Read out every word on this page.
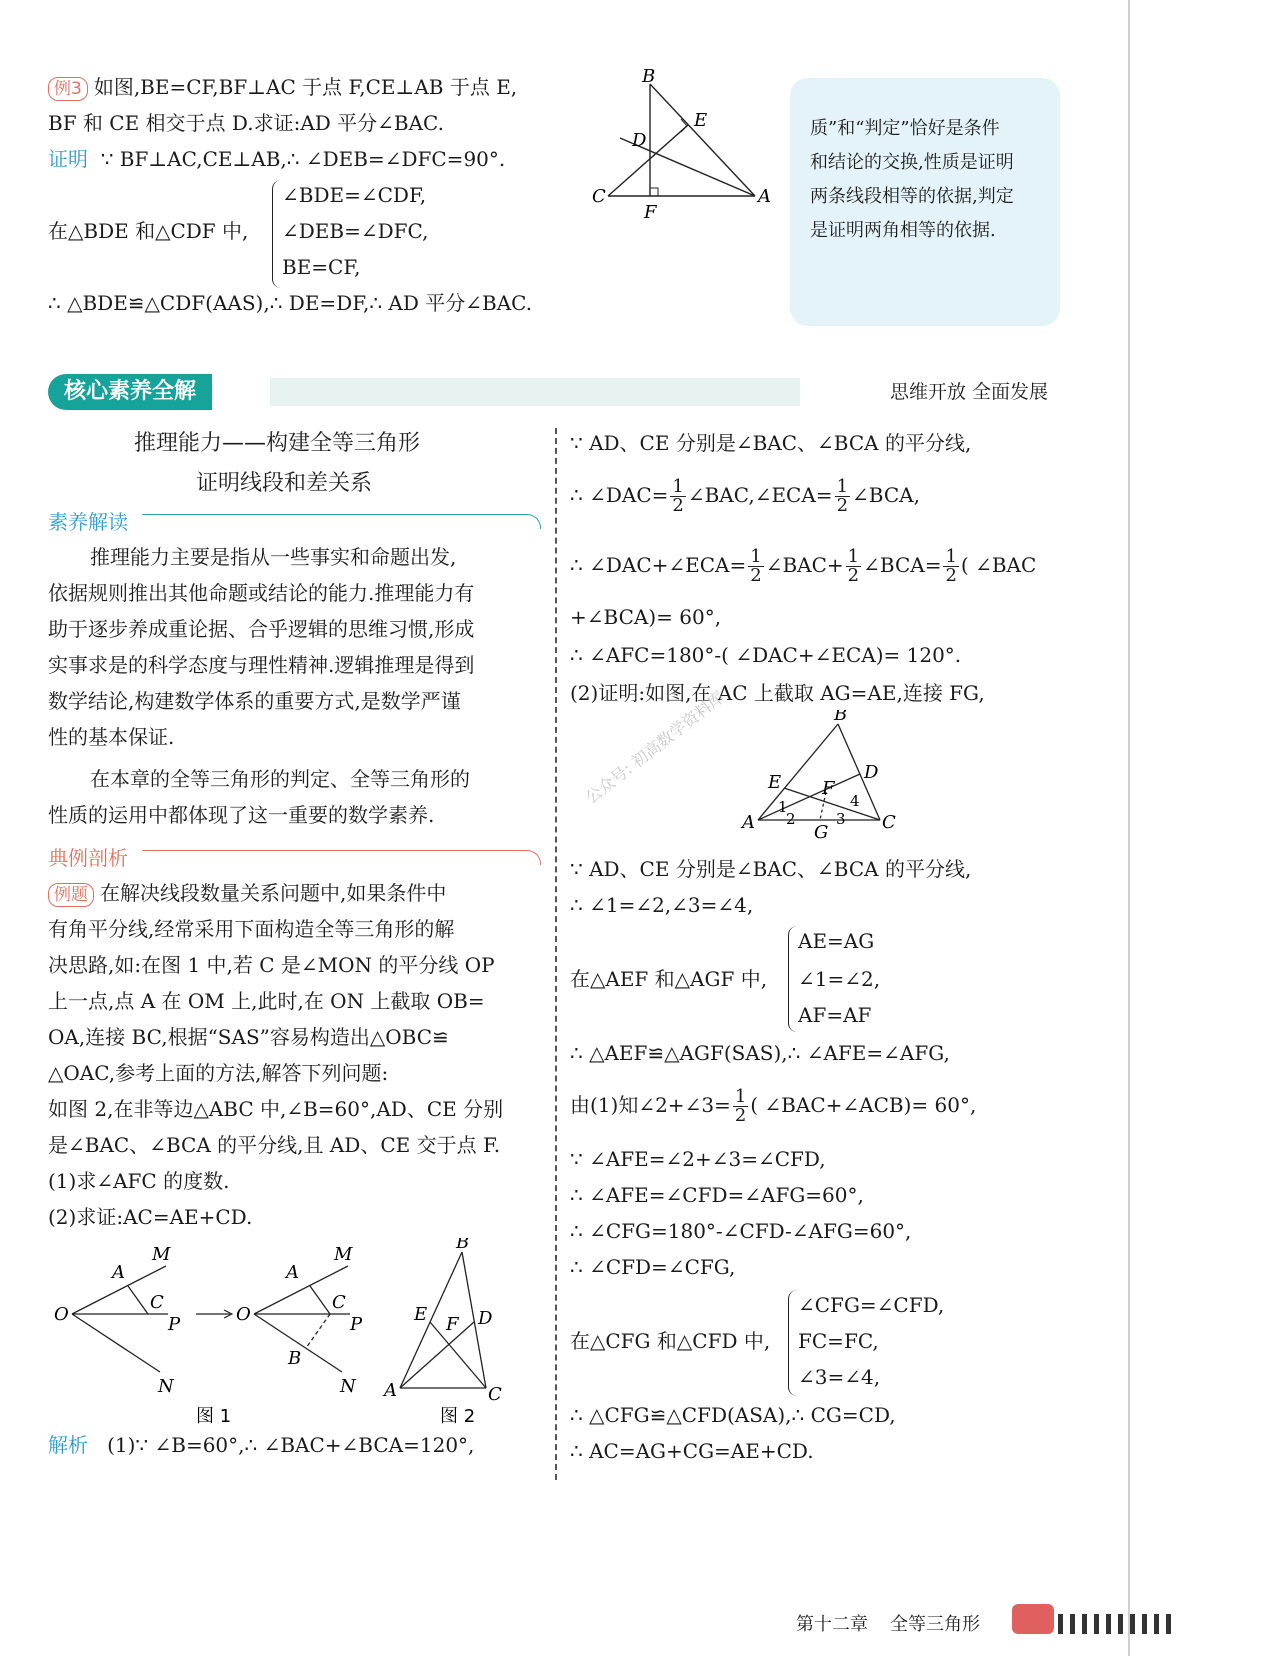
例3 如图,BE=CF,BF⊥AC 于点 F,CE⊥AB 于点 E,
BF 和 CE 相交于点 D.求证:AD 平分∠BAC.
证明 ∵ BF⊥AC,CE⊥AB,∴ ∠DEB=∠DFC=90°.
在△BDE 和△CDF 中,
∠BDE=∠CDF,
∠DEB=∠DFC,
BE=CF,
∴ △BDE≌△CDF(AAS),∴ DE=DF,∴ AD 平分∠BAC.
B
E
D
C
F
A
质”和“判定”恰好是条件
和结论的交换,性质是证明
两条线段相等的依据,判定
是证明两角相等的依据.
核心素养全解	思维开放 全面发展
推理能力——构建全等三角形
证明线段和差关系
素养解读
推理能力主要是指从一些事实和命题出发,
依据规则推出其他命题或结论的能力.推理能力有
助于逐步养成重论据、合乎逻辑的思维习惯,形成
实事求是的科学态度与理性精神.逻辑推理是得到
数学结论,构建数学体系的重要方式,是数学严谨
性的基本保证.
在本章的全等三角形的判定、全等三角形的
性质的运用中都体现了这一重要的数学素养.
典例剖析
例题 在解决线段数量关系问题中,如果条件中
有角平分线,经常采用下面构造全等三角形的解
决思路,如:在图 1 中,若 C 是∠MON 的平分线 OP
上一点,点 A 在 OM 上,此时,在 ON 上截取 OB=
OA,连接 BC,根据“SAS”容易构造出△OBC≌
△OAC,参考上面的方法,解答下列问题:
如图 2,在非等边△ABC 中,∠B=60°,AD、CE 分别
是∠BAC、∠BCA 的平分线,且 AD、CE 交于点 F.
(1)求∠AFC 的度数.
(2)求证:AC=AE+CD.
A
M
C
O	P
N
A
M
C
O	P
B
N
B
E F D
A	C
图 1	图 2
解析 (1)∵ ∠B=60°,∴ ∠BAC+∠BCA=120°,
∵ AD、CE 分别是∠BAC、∠BCA 的平分线,
∴ ∠DAC= $\frac{1}{2}$ ∠BAC,∠ECA= $\frac{1}{2}$ ∠BCA,
∴ ∠DAC+∠ECA= $\frac{1}{2}$ ∠BAC+ $\frac{1}{2}$ ∠BCA= $\frac{1}{2}$ ( ∠BAC
+∠BCA)= 60°,
∴ ∠AFC=180°-( ∠DAC+∠ECA)= 120°.
(2)证明:如图,在 AC 上截取 AG=AE,连接 FG,
B
E F
D
A	G	C
1
2	3
4
公众号: 初高数学资料库
∵ AD、CE 分别是∠BAC、∠BCA 的平分线,
∴ ∠1=∠2,∠3=∠4,
在△AEF 和△AGF 中,
AE=AG
∠1=∠2,
AF=AF
∴ △AEF≌△AGF(SAS),∴ ∠AFE=∠AFG,
由(1)知∠2+∠3= $\frac{1}{2}$ ( ∠BAC+∠ACB)= 60°,
∵ ∠AFE=∠2+∠3=∠CFD,
∴ ∠AFE=∠CFD=∠AFG=60°,
∴ ∠CFG=180°-∠CFD-∠AFG=60°,
∴ ∠CFD=∠CFG,
在△CFG 和△CFD 中,
∠CFG=∠CFD,
FC=FC,
∠3=∠4,
∴ △CFG≌△CFD(ASA),∴ CG=CD,
∴ AC=AG+CG=AE+CD.
第十二章 全等三角形
